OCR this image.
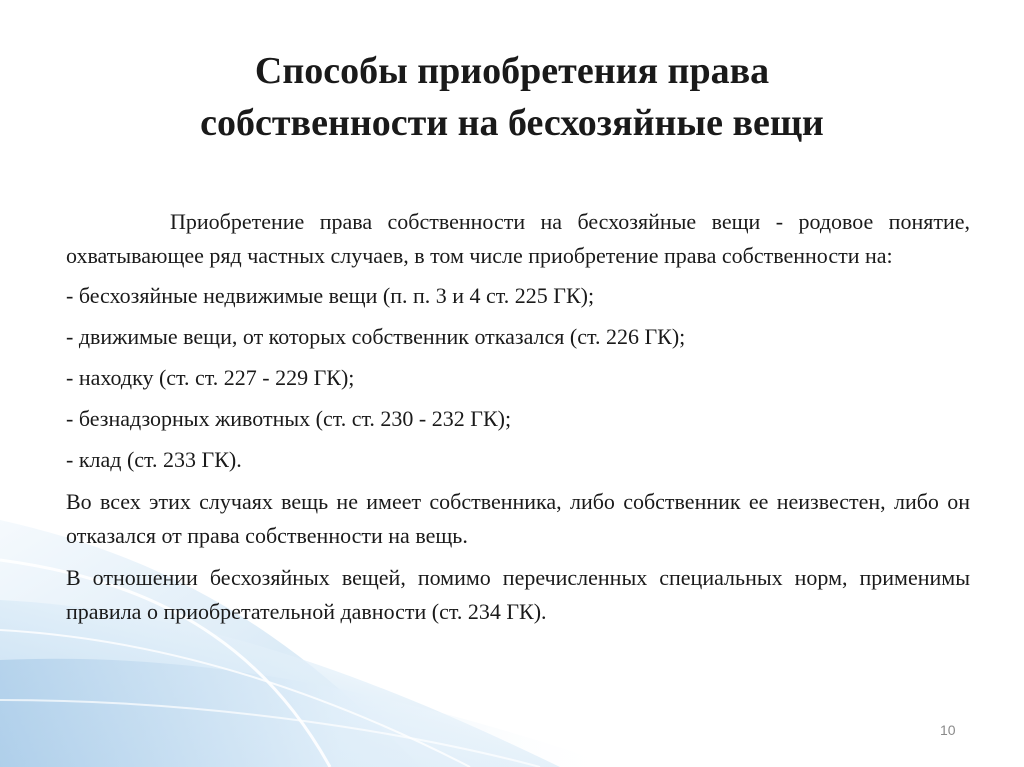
Способы приобретения права
собственности на бесхозяйные вещи

Приобретение права собственности на бесхозяйные вещи - родовое понятие, охватывающее ряд частных случаев, в том числе приобретение права собственности на:

- бесхозяйные недвижимые вещи (п. п. 3 и 4 ст. 225 ГК);

- движимые вещи, от которых собственник отказался (ст. 226 ГК);

- находку (ст. ст. 227 - 229 ГК);

- безнадзорных животных (ст. ст. 230 - 232 ГК);

- клад (ст. 233 ГК).

Во всех этих случаях вещь не имеет собственника, либо собственник ее неизвестен, либо он отказался от права собственности на вещь.

В отношении бесхозяйных вещей, помимо перечисленных специальных норм, применимы правила о приобретательной давности (ст. 234 ГК).

10
